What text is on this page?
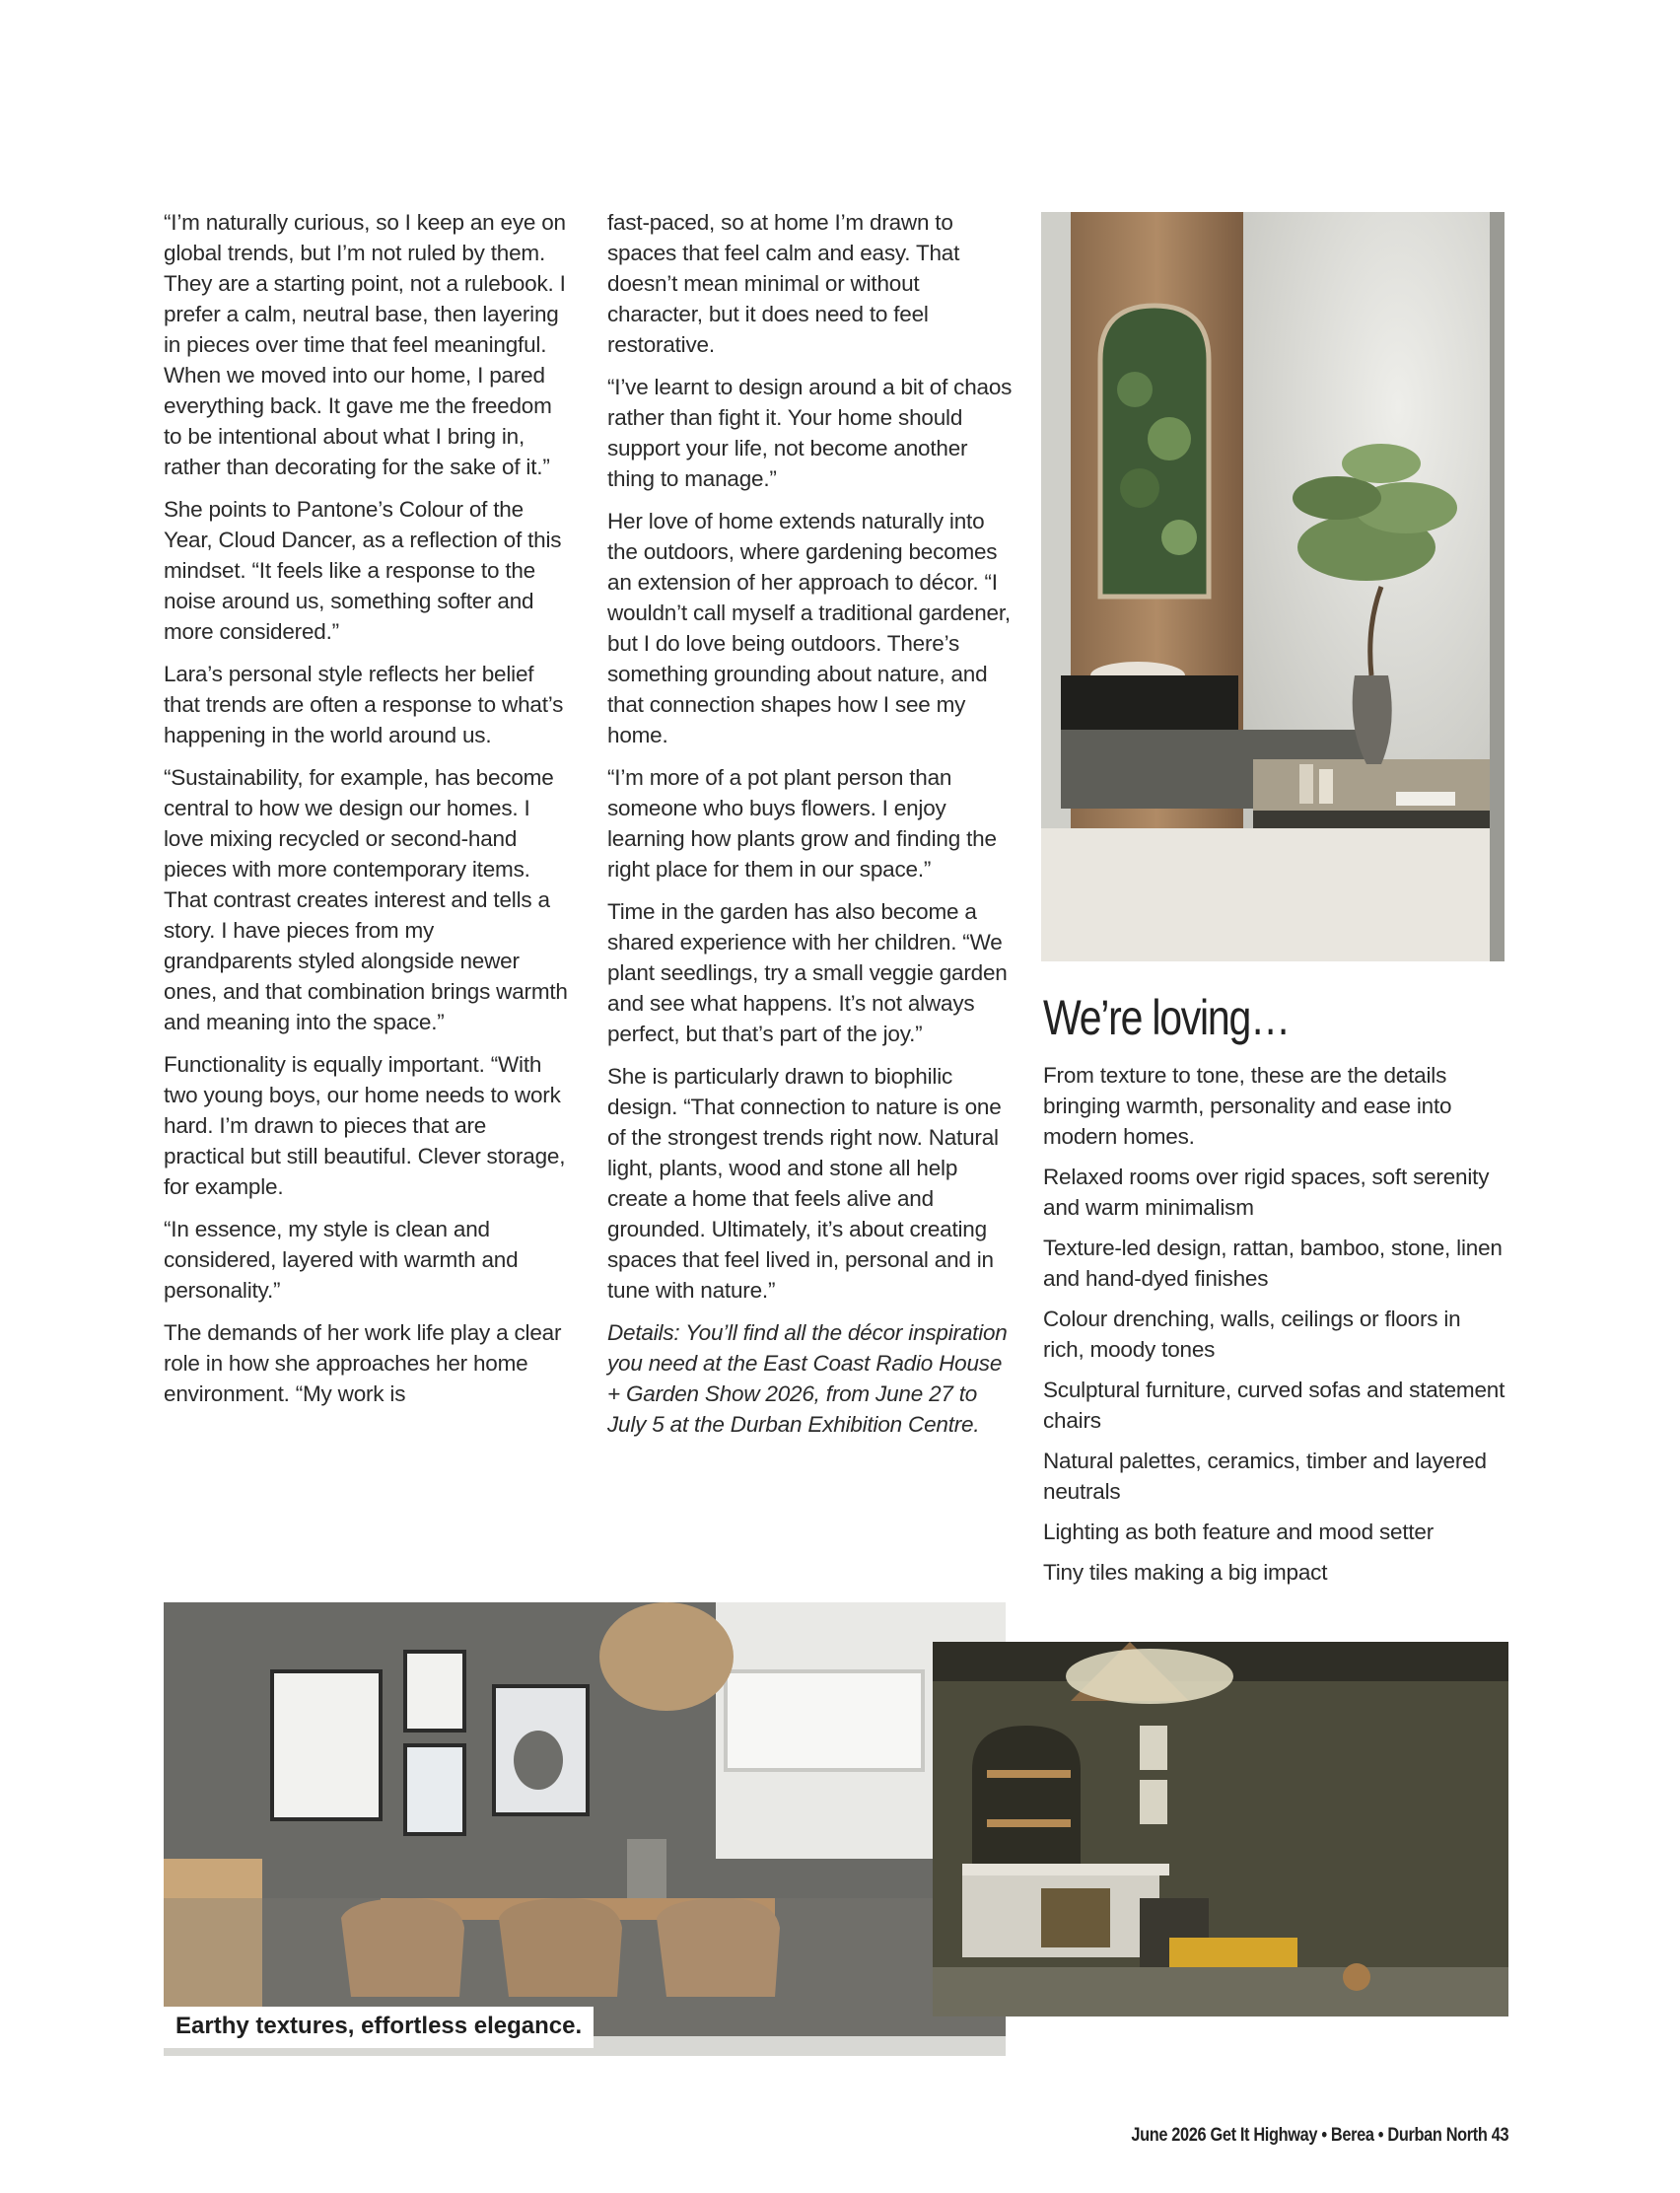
“I’m naturally curious, so I keep an eye on global trends, but I’m not ruled by them. They are a starting point, not a rulebook. I prefer a calm, neutral base, then layering in pieces over time that feel meaningful. When we moved into our home, I pared everything back. It gave me the freedom to be intentional about what I bring in, rather than decorating for the sake of it.”

She points to Pantone’s Colour of the Year, Cloud Dancer, as a reflection of this mindset. “It feels like a response to the noise around us, something softer and more considered.”

Lara’s personal style reflects her belief that trends are often a response to what’s happening in the world around us.

“Sustainability, for example, has become central to how we design our homes. I love mixing recycled or second-hand pieces with more contemporary items. That contrast creates interest and tells a story. I have pieces from my grandparents styled alongside newer ones, and that combination brings warmth and meaning into the space.”

Functionality is equally important. “With two young boys, our home needs to work hard. I’m drawn to pieces that are practical but still beautiful. Clever storage, for example.

“In essence, my style is clean and considered, layered with warmth and personality.”

The demands of her work life play a clear role in how she approaches her home environment. “My work is

fast-paced, so at home I’m drawn to spaces that feel calm and easy. That doesn’t mean minimal or without character, but it does need to feel restorative.

“I’ve learnt to design around a bit of chaos rather than fight it. Your home should support your life, not become another thing to manage.”

Her love of home extends naturally into the outdoors, where gardening becomes an extension of her approach to décor. “I wouldn’t call myself a traditional gardener, but I do love being outdoors. There’s something grounding about nature, and that connection shapes how I see my home.

“I’m more of a pot plant person than someone who buys flowers. I enjoy learning how plants grow and finding the right place for them in our space.”

Time in the garden has also become a shared experience with her children. “We plant seedlings, try a small veggie garden and see what happens. It’s not always perfect, but that’s part of the joy.”

She is particularly drawn to biophilic design. “That connection to nature is one of the strongest trends right now. Natural light, plants, wood and stone all help create a home that feels alive and grounded. Ultimately, it’s about creating spaces that feel lived in, personal and in tune with nature.”

Details: You’ll find all the décor inspiration you need at the East Coast Radio House + Garden Show 2026, from June 27 to July 5 at the Durban Exhibition Centre.

We’re loving…

From texture to tone, these are the details bringing warmth, personality and ease into modern homes.

Relaxed rooms over rigid spaces, soft serenity and warm minimalism

Texture-led design, rattan, bamboo, stone, linen and hand-dyed finishes

Colour drenching, walls, ceilings or floors in rich, moody tones

Sculptural furniture, curved sofas and statement chairs

Natural palettes, ceramics, timber and layered neutrals

Lighting as both feature and mood setter

Tiny tiles making a big impact

Earthy textures, effortless elegance.
June 2026 Get It Highway • Berea • Durban North 43
